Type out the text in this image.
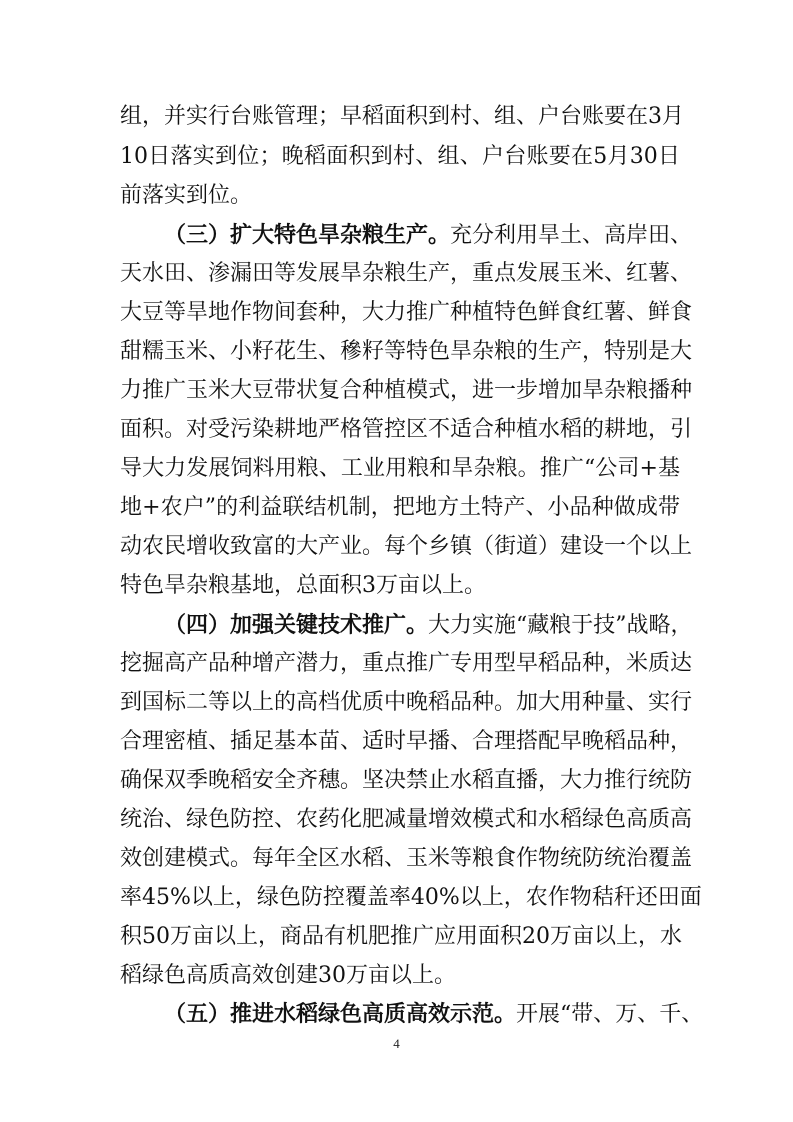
组，并实行台账管理；早稻面积到村、组、户台账要在3月
10日落实到位；晚稻面积到村、组、户台账要在5月30日
前落实到位。
（三）扩大特色旱杂粮生产。充分利用旱土、高岸田、
天水田、渗漏田等发展旱杂粮生产，重点发展玉米、红薯、
大豆等旱地作物间套种，大力推广种植特色鲜食红薯、鲜食
甜糯玉米、小籽花生、穇籽等特色旱杂粮的生产，特别是大
力推广玉米大豆带状复合种植模式，进一步增加旱杂粮播种
面积。对受污染耕地严格管控区不适合种植水稻的耕地，引
导大力发展饲料用粮、工业用粮和旱杂粮。推广“公司+基
地+农户”的利益联结机制，把地方土特产、小品种做成带
动农民增收致富的大产业。每个乡镇（街道）建设一个以上
特色旱杂粮基地，总面积3万亩以上。
（四）加强关键技术推广。大力实施“藏粮于技”战略，
挖掘高产品种增产潜力，重点推广专用型早稻品种，米质达
到国标二等以上的高档优质中晚稻品种。加大用种量、实行
合理密植、插足基本苗、适时早播、合理搭配早晚稻品种，
确保双季晚稻安全齐穗。坚决禁止水稻直播，大力推行统防
统治、绿色防控、农药化肥减量增效模式和水稻绿色高质高
效创建模式。每年全区水稻、玉米等粮食作物统防统治覆盖
率45%以上，绿色防控覆盖率40%以上，农作物秸秆还田面
积50万亩以上，商品有机肥推广应用面积20万亩以上，水
稻绿色高质高效创建30万亩以上。
（五）推进水稻绿色高质高效示范。开展“带、万、千、
4
